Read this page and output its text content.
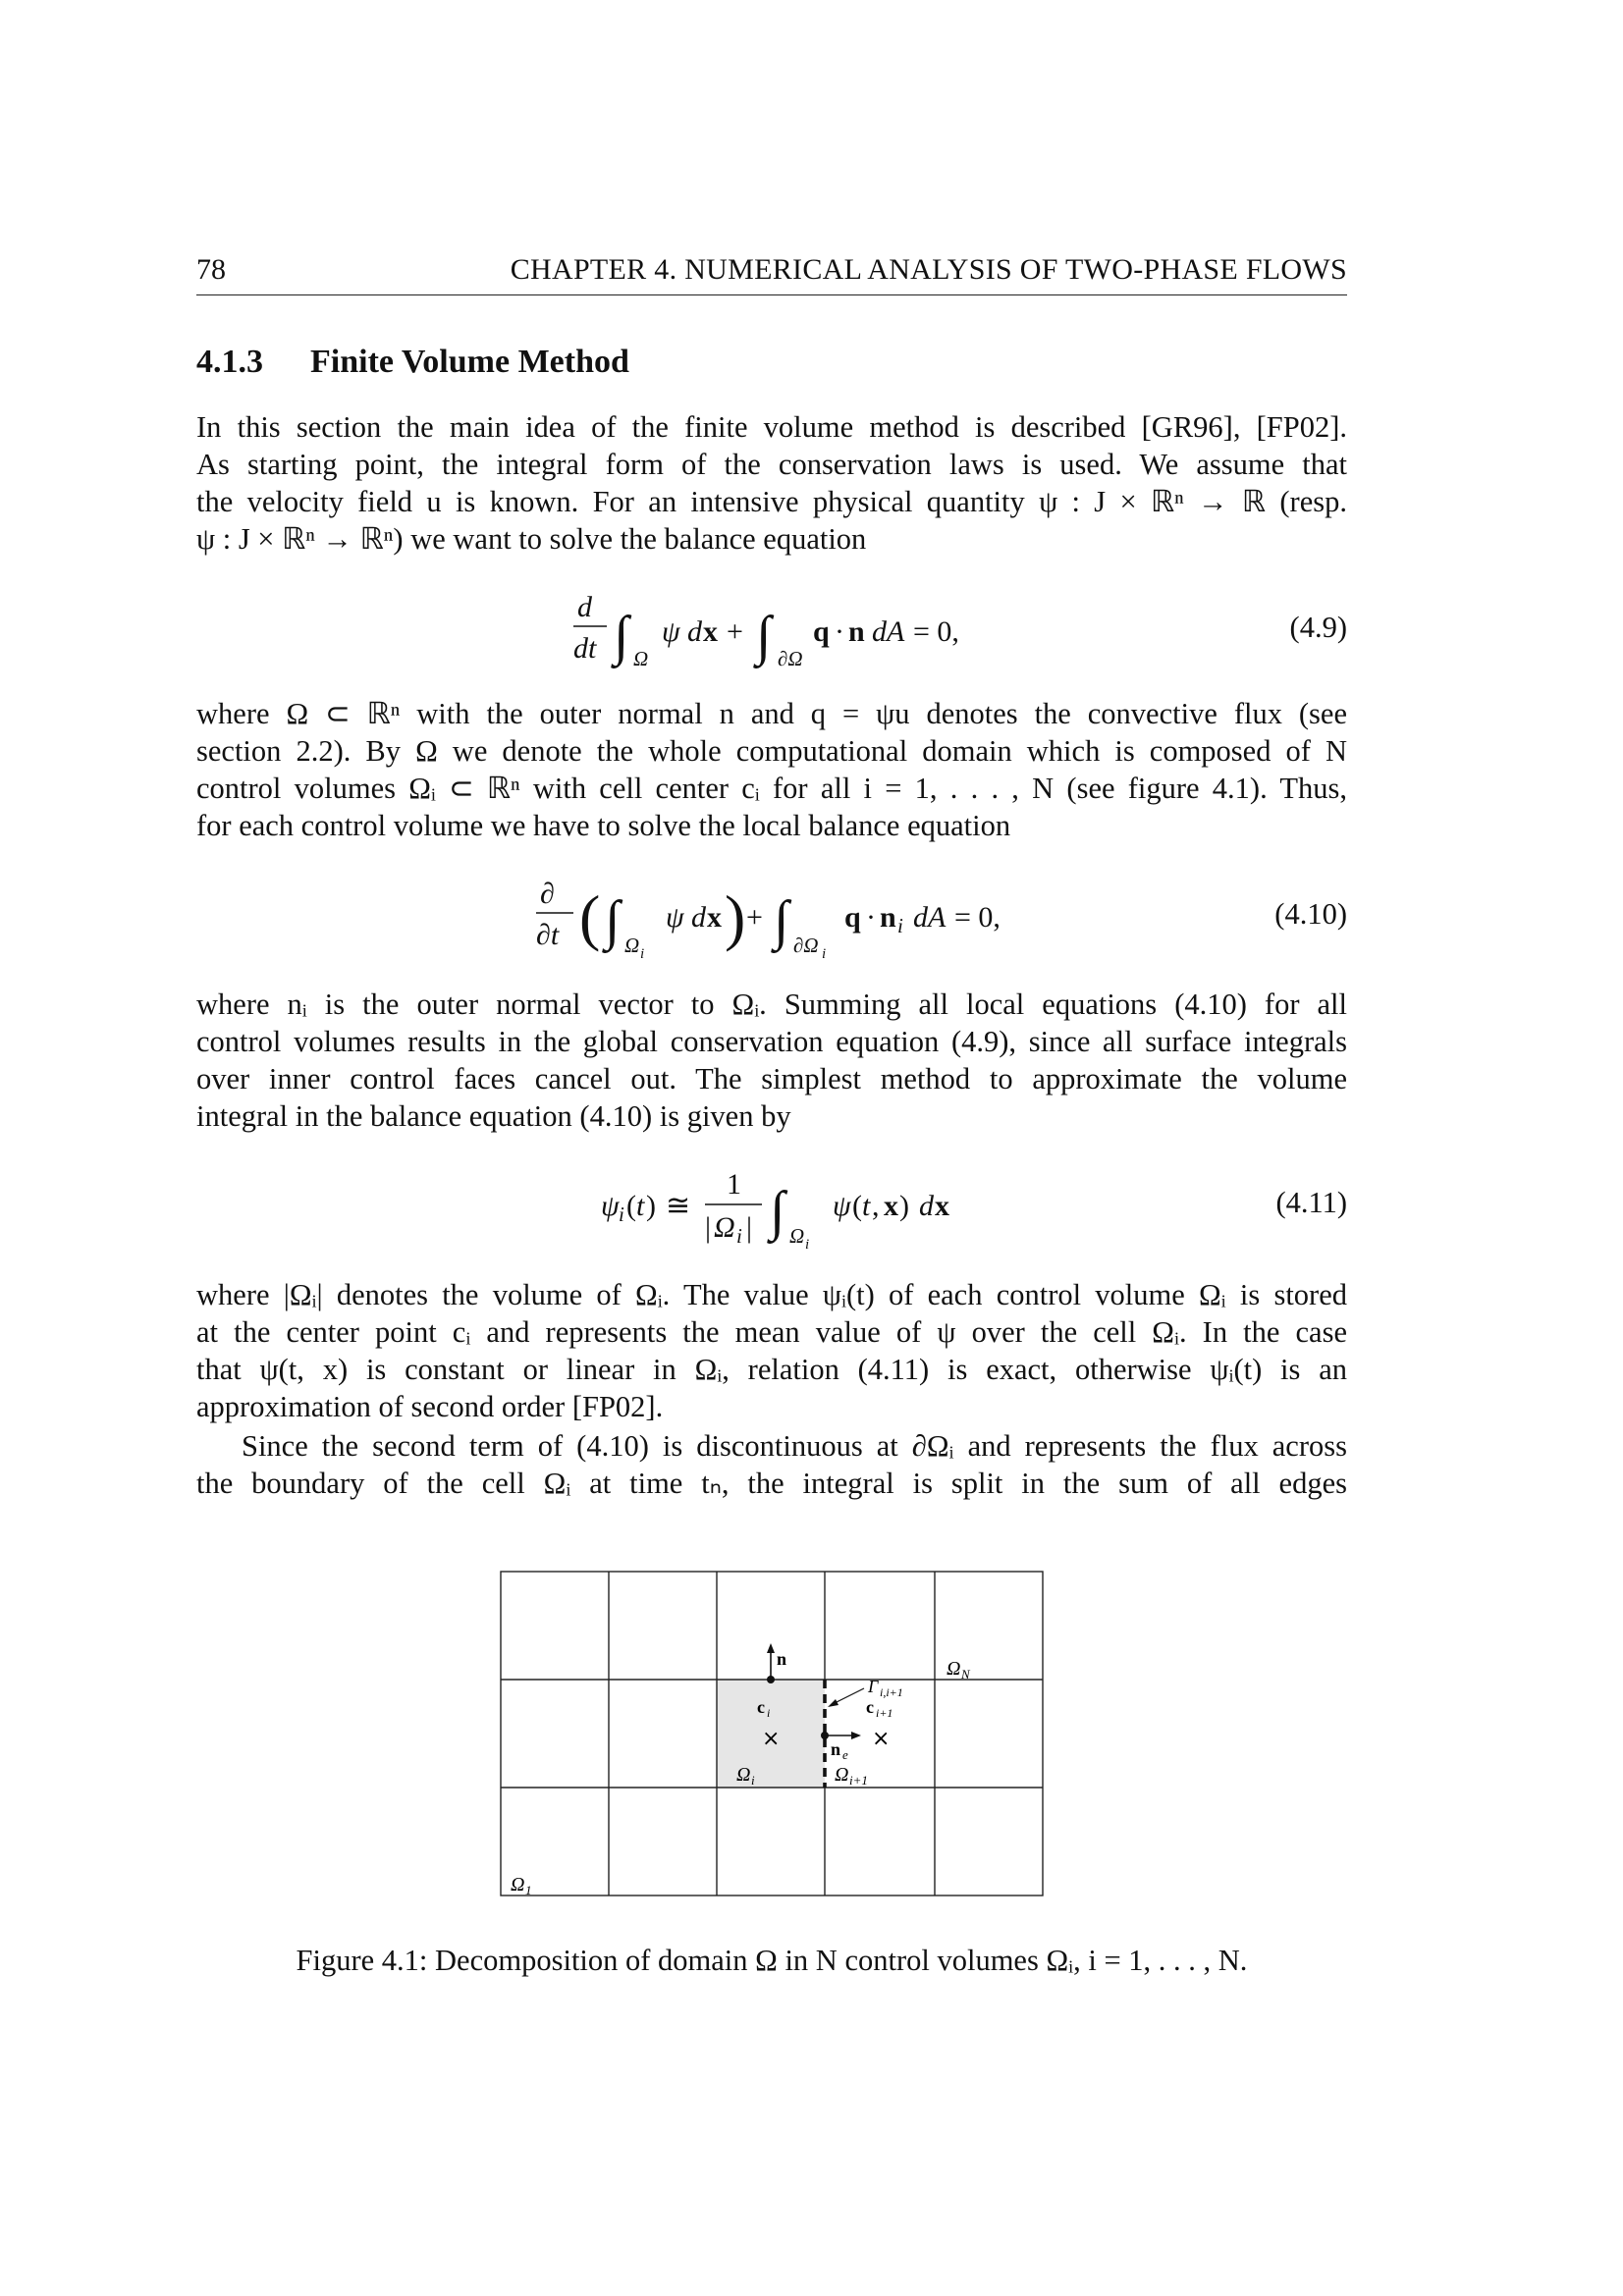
78	CHAPTER 4. NUMERICAL ANALYSIS OF TWO-PHASE FLOWS
4.1.3 Finite Volume Method
In this section the main idea of the finite volume method is described [GR96], [FP02].
As starting point, the integral form of the conservation laws is used. We assume that
the velocity field u is known. For an intensive physical quantity ψ : J × ℝⁿ → ℝ (resp.
ψ : J × ℝⁿ → ℝⁿ) we want to solve the balance equation
d
dt ∫ Ω
ψ d x + ∫ ∂Ω
q · n dA = 0,	(4.9)
where Ω ⊂ ℝⁿ with the outer normal n and q = ψu denotes the convective flux (see
section 2.2). By Ω we denote the whole computational domain which is composed of N
control volumes Ωᵢ ⊂ ℝⁿ with cell center cᵢ for all i = 1, . . . , N (see figure 4.1). Thus,
for each control volume we have to solve the local balance equation
∂
∂t ( ∫ Ω i
ψ d x ) + ∫ ∂Ω i
q · n i dA = 0,	(4.10)
where nᵢ is the outer normal vector to Ωᵢ. Summing all local equations (4.10) for all
control volumes results in the global conservation equation (4.9), since all surface integrals
over inner control faces cancel out. The simplest method to approximate the volume
integral in the balance equation (4.10) is given by
ψ i ( t ) ≅
1
| Ω i | ∫ Ω i
ψ ( t , x ) d x	(4.11)
where |Ωᵢ| denotes the volume of Ωᵢ. The value ψᵢ(t) of each control volume Ωᵢ is stored
at the center point cᵢ and represents the mean value of ψ over the cell Ωᵢ. In the case
that ψ(t, x) is constant or linear in Ωᵢ, relation (4.11) is exact, otherwise ψᵢ(t) is an
approximation of second order [FP02].
Since the second term of (4.10) is discontinuous at ∂Ωᵢ and represents the flux across
the boundary of the cell Ωᵢ at time tₙ, the integral is split in the sum of all edges
n
n e
Γ i,i+1
c i
×
c i+1
×
Ω i	Ω i+1
Ω N
Ω 1
Figure 4.1: Decomposition of domain Ω in N control volumes Ωᵢ, i = 1, . . . , N.
